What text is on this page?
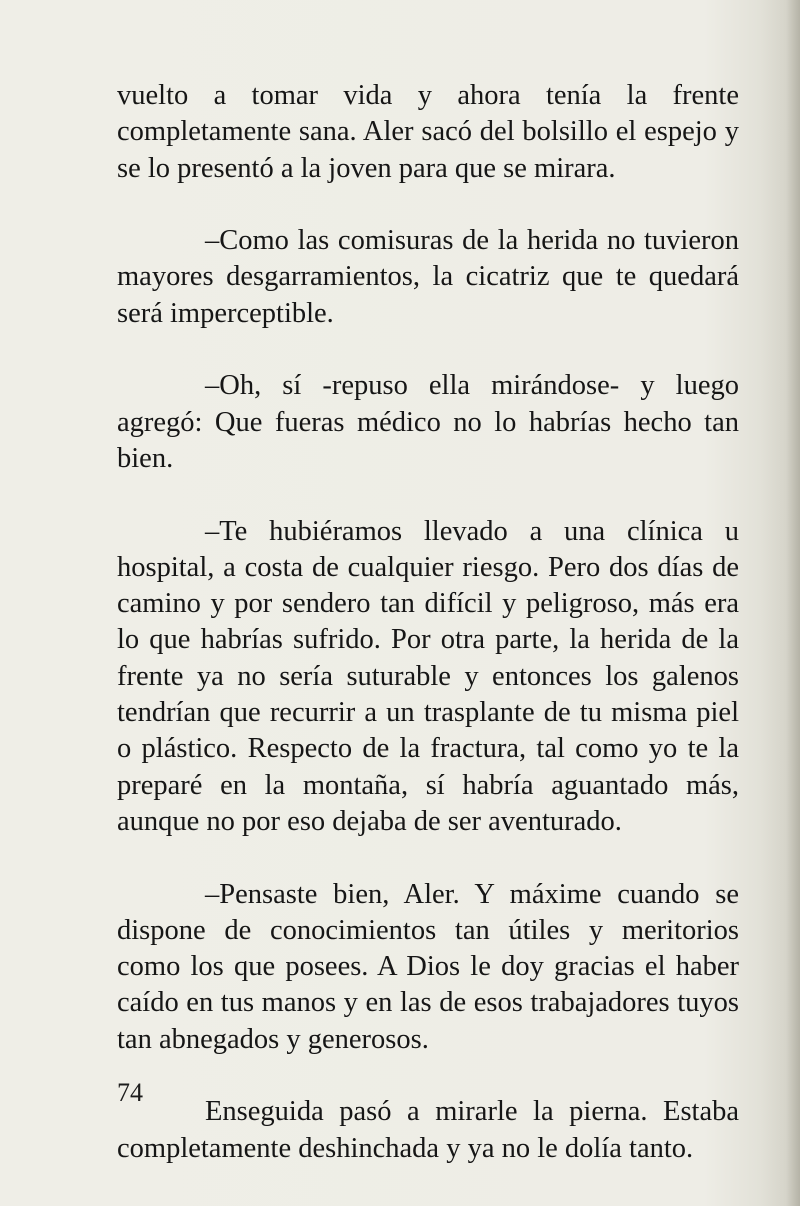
vuelto a tomar vida y ahora tenía la frente completamente sana. Aler sacó del bolsillo el espejo y se lo presentó a la joven para que se mirara.

–Como las comisuras de la herida no tuvieron mayores desgarramientos, la cicatriz que te quedará será imperceptible.

–Oh, sí -repuso ella mirándose- y luego agregó: Que fueras médico no lo habrías hecho tan bien.

–Te hubiéramos llevado a una clínica u hospital, a costa de cualquier riesgo. Pero dos días de camino y por sendero tan difícil y peligroso, más era lo que habrías sufrido. Por otra parte, la herida de la frente ya no sería suturable y entonces los galenos tendrían que recurrir a un trasplante de tu misma piel o plástico. Respecto de la fractura, tal como yo te la preparé en la montaña, sí habría aguantado más, aunque no por eso dejaba de ser aventurado.

–Pensaste bien, Aler. Y máxime cuando se dispone de conocimientos tan útiles y meritorios como los que posees. A Dios le doy gracias el haber caído en tus manos y en las de esos trabajadores tuyos tan abnegados y generosos.

Enseguida pasó a mirarle la pierna. Estaba completamente deshinchada y ya no le dolía tanto.

74
